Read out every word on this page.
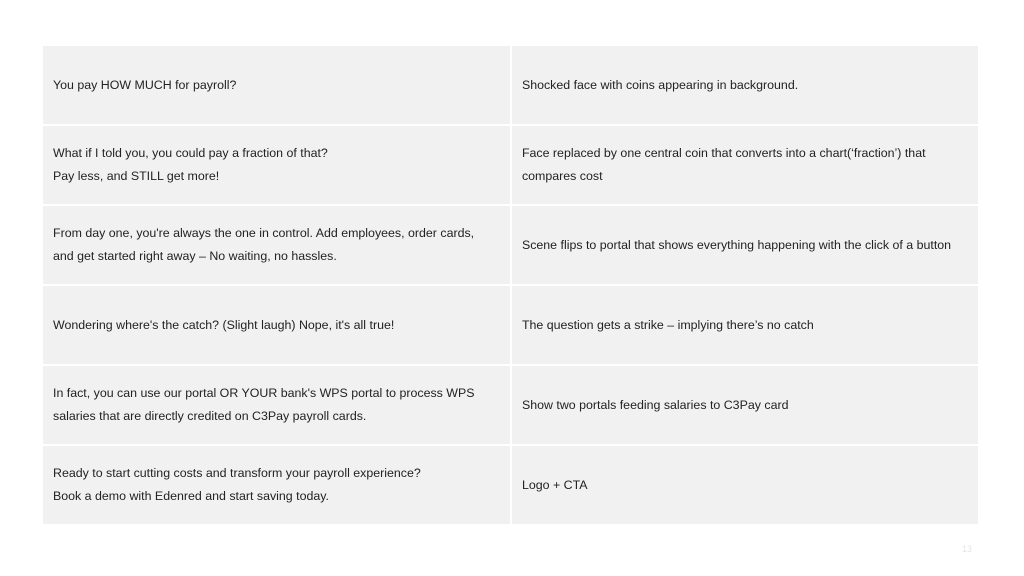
You pay HOW MUCH for payroll?	Shocked face with coins appearing in background.

What if I told you, you could pay a fraction of that?
Pay less, and STILL get more!	Face replaced by one central coin that converts into a chart(‘fraction’) that
compares cost

From day one, you're always the one in control. Add employees, order cards,
and get started right away – No waiting, no hassles.	Scene flips to portal that shows everything happening with the click of a button

Wondering where's the catch? (Slight laugh) Nope, it's all true!	The question gets a strike – implying there’s no catch

In fact, you can use our portal OR YOUR bank's WPS portal to process WPS
salaries that are directly credited on C3Pay payroll cards.	Show two portals feeding salaries to C3Pay card

Ready to start cutting costs and transform your payroll experience?
Book a demo with Edenred and start saving today.	Logo + CTA
13
